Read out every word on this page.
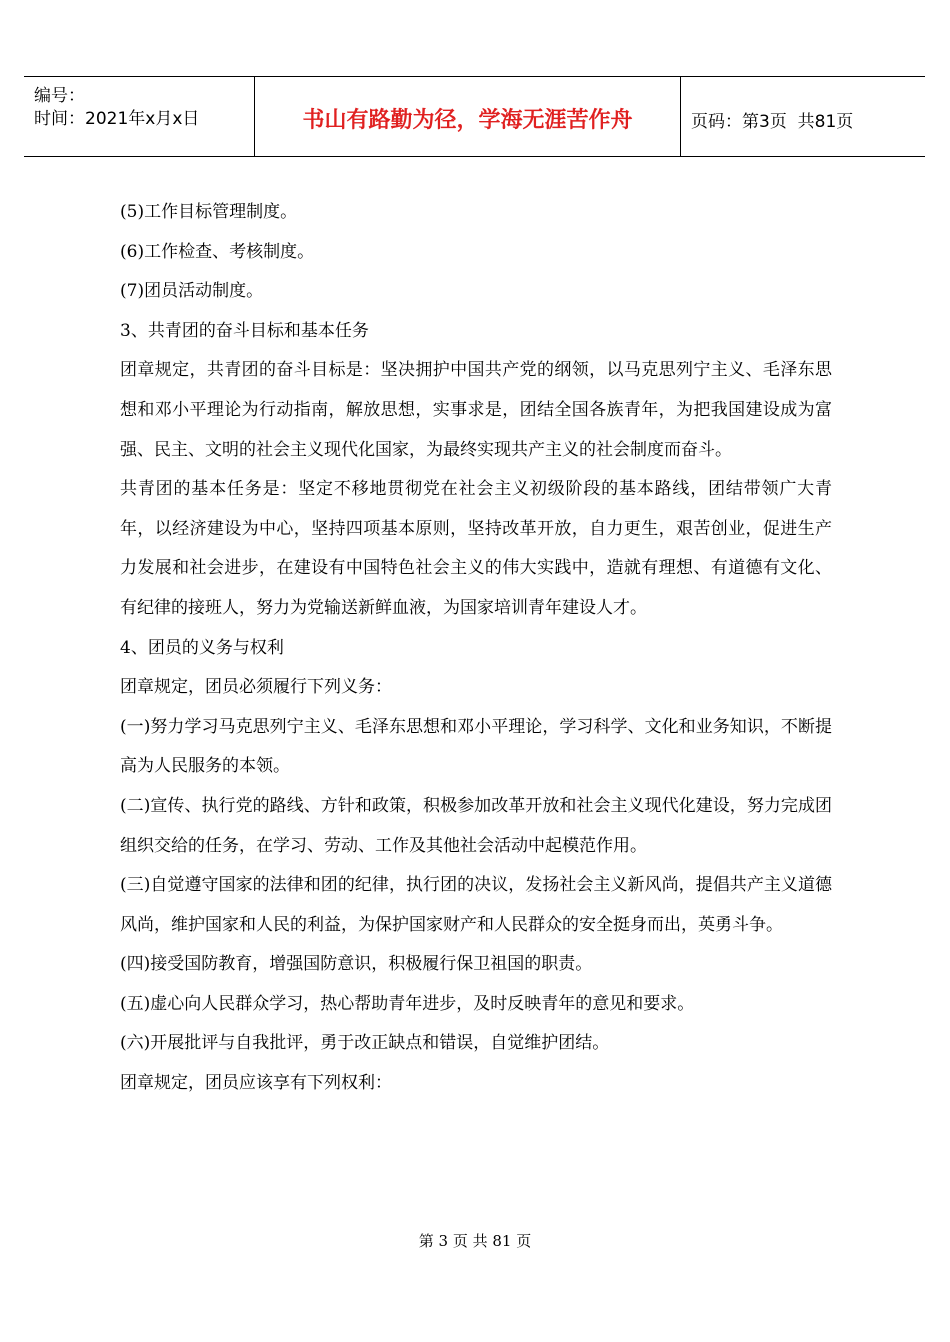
编号：
时间：2021年x月x日	书山有路勤为径，学海无涯苦作舟	页码：第3页  共81页

(5)工作目标管理制度。

(6)工作检查、考核制度。

(7)团员活动制度。

3、共青团的奋斗目标和基本任务

团章规定，共青团的奋斗目标是：坚决拥护中国共产党的纲领，以马克思列宁主义、毛泽东思想和邓小平理论为行动指南，解放思想，实事求是，团结全国各族青年，为把我国建设成为富强、民主、文明的社会主义现代化国家，为最终实现共产主义的社会制度而奋斗。

共青团的基本任务是：坚定不移地贯彻党在社会主义初级阶段的基本路线，团结带领广大青年，以经济建设为中心，坚持四项基本原则，坚持改革开放，自力更生，艰苦创业，促进生产力发展和社会进步，在建设有中国特色社会主义的伟大实践中，造就有理想、有道德有文化、有纪律的接班人，努力为党输送新鲜血液，为国家培训青年建设人才。

4、团员的义务与权利

团章规定，团员必须履行下列义务：

(一)努力学习马克思列宁主义、毛泽东思想和邓小平理论，学习科学、文化和业务知识，不断提高为人民服务的本领。

(二)宣传、执行党的路线、方针和政策，积极参加改革开放和社会主义现代化建设，努力完成团组织交给的任务，在学习、劳动、工作及其他社会活动中起模范作用。

(三)自觉遵守国家的法律和团的纪律，执行团的决议，发扬社会主义新风尚，提倡共产主义道德风尚，维护国家和人民的利益，为保护国家财产和人民群众的安全挺身而出，英勇斗争。

(四)接受国防教育，增强国防意识，积极履行保卫祖国的职责。

(五)虚心向人民群众学习，热心帮助青年进步，及时反映青年的意见和要求。

(六)开展批评与自我批评，勇于改正缺点和错误，自觉维护团结。

团章规定，团员应该享有下列权利：

第 3 页 共 81 页
